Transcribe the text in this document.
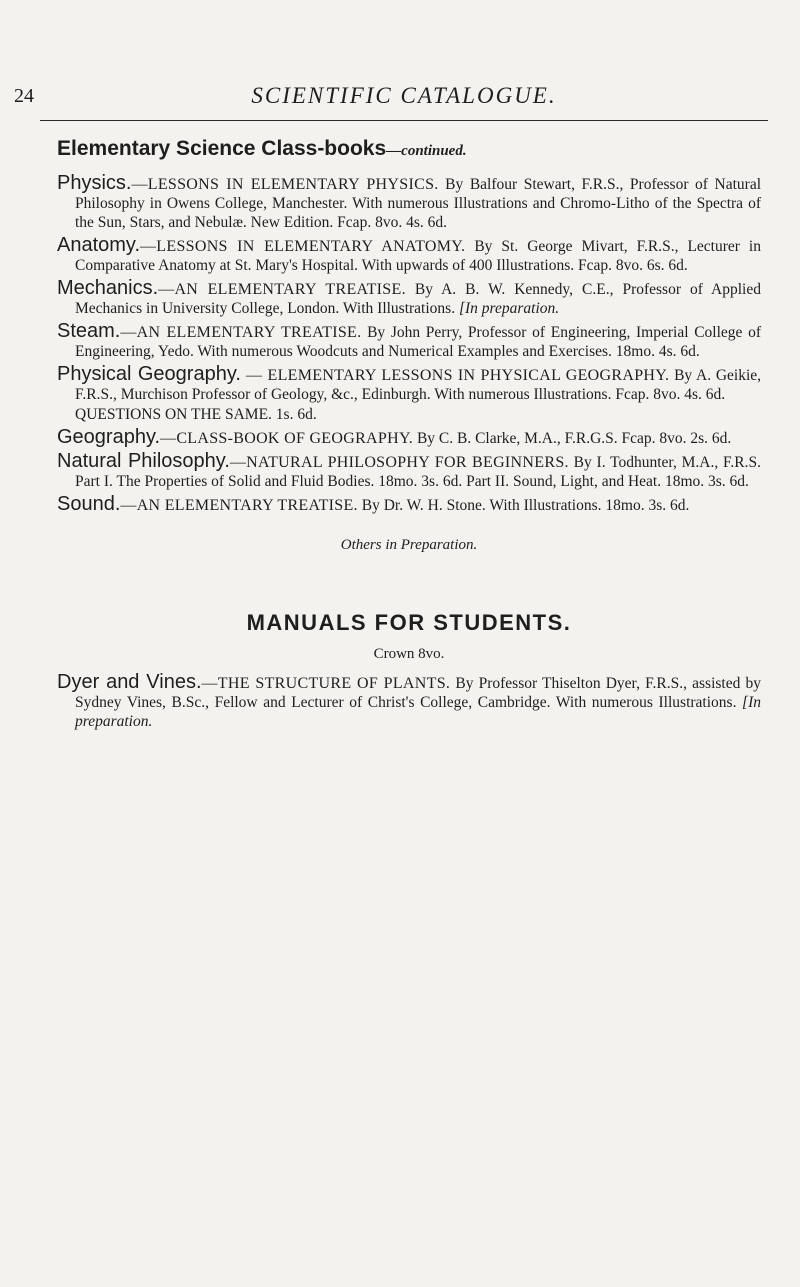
24	SCIENTIFIC CATALOGUE.
Elementary Science Class-books—continued.

Physics.—LESSONS IN ELEMENTARY PHYSICS. By Balfour Stewart, F.R.S., Professor of Natural Philosophy in Owens College, Manchester. With numerous Illustrations and Chromo-Litho of the Spectra of the Sun, Stars, and Nebulæ. New Edition. Fcap. 8vo. 4s. 6d.

Anatomy.—LESSONS IN ELEMENTARY ANATOMY. By St. George Mivart, F.R.S., Lecturer in Comparative Anatomy at St. Mary's Hospital. With upwards of 400 Illustrations. Fcap. 8vo. 6s. 6d.

Mechanics.—AN ELEMENTARY TREATISE. By A. B. W. Kennedy, C.E., Professor of Applied Mechanics in University College, London. With Illustrations. [In preparation.

Steam.—AN ELEMENTARY TREATISE. By John Perry, Professor of Engineering, Imperial College of Engineering, Yedo. With numerous Woodcuts and Numerical Examples and Exercises. 18mo. 4s. 6d.

Physical Geography. — ELEMENTARY LESSONS IN PHYSICAL GEOGRAPHY. By A. Geikie, F.R.S., Murchison Professor of Geology, &c., Edinburgh. With numerous Illustrations. Fcap. 8vo. 4s. 6d.

QUESTIONS ON THE SAME. 1s. 6d.

Geography.—CLASS-BOOK OF GEOGRAPHY. By C. B. Clarke, M.A., F.R.G.S. Fcap. 8vo. 2s. 6d.

Natural Philosophy.—NATURAL PHILOSOPHY FOR BEGINNERS. By I. Todhunter, M.A., F.R.S. Part I. The Properties of Solid and Fluid Bodies. 18mo. 3s. 6d. Part II. Sound, Light, and Heat. 18mo. 3s. 6d.

Sound.—AN ELEMENTARY TREATISE. By Dr. W. H. Stone. With Illustrations. 18mo. 3s. 6d.

Others in Preparation.

MANUALS FOR STUDENTS.

Crown 8vo.

Dyer and Vines.—THE STRUCTURE OF PLANTS. By Professor Thiselton Dyer, F.R.S., assisted by Sydney Vines, B.Sc., Fellow and Lecturer of Christ's College, Cambridge. With numerous Illustrations. [In preparation.
